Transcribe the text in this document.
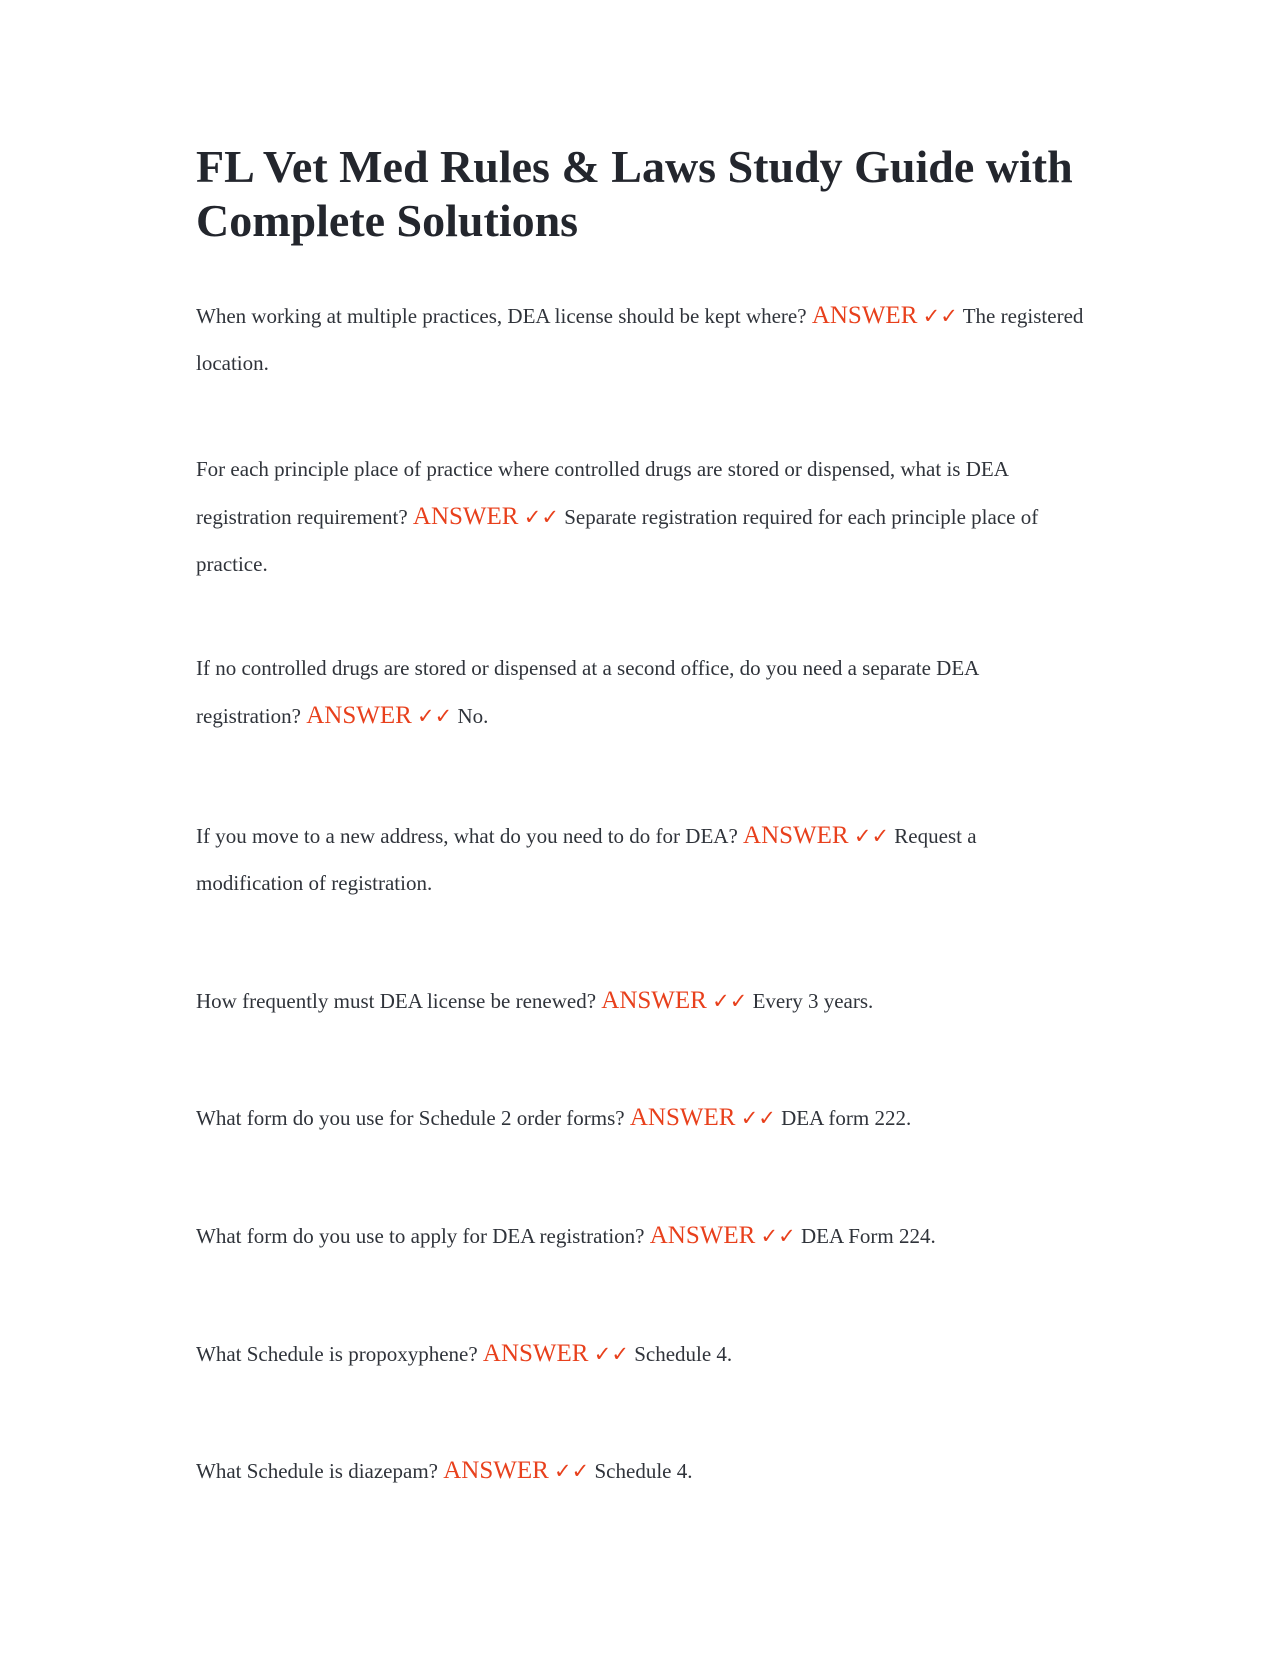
FL Vet Med Rules & Laws Study Guide with Complete Solutions

When working at multiple practices, DEA license should be kept where? ANSWER ✓✓ The registered location.

For each principle place of practice where controlled drugs are stored or dispensed, what is DEA registration requirement? ANSWER ✓✓ Separate registration required for each principle place of practice.

If no controlled drugs are stored or dispensed at a second office, do you need a separate DEA registration? ANSWER ✓✓ No.

If you move to a new address, what do you need to do for DEA? ANSWER ✓✓ Request a modification of registration.

How frequently must DEA license be renewed? ANSWER ✓✓ Every 3 years.

What form do you use for Schedule 2 order forms? ANSWER ✓✓ DEA form 222.

What form do you use to apply for DEA registration? ANSWER ✓✓ DEA Form 224.

What Schedule is propoxyphene? ANSWER ✓✓ Schedule 4.

What Schedule is diazepam? ANSWER ✓✓ Schedule 4.
